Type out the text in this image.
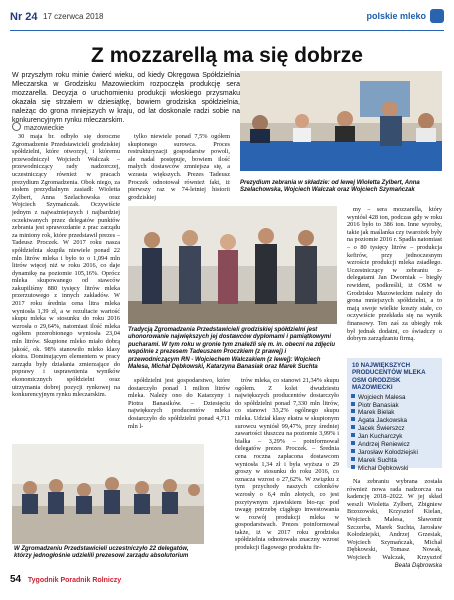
Nr 24 17 czerwca 2018	polskie mleko
Z mozzarellą ma się dobrze
W przyszłym roku minie ćwierć wieku, od kiedy Okręgowa Spółdzielnia Mleczarska w Grodzisku Mazowieckim rozpoczęła produkcję sera mozzarella. Decyzja o uruchomieniu produkcji włoskiego przysmaku okazała się strzałem w dziesiątkę, bowiem grodziska spółdzielnia, należąc do grona mniejszych w kraju, od lat doskonale radzi sobie na konkurencyjnym rynku mleczarskim.
mazowieckie
Prezydium zebrania w składzie: od lewej Wioletta Zylbert, Anna Szelachowska, Wojciech Walczak oraz Wojciech Szymańczak
Tradycją Zgromadzenia Przedstawicieli grodziskiej spółdzielni jest uhonorowanie największych jej dostawców dyplomami i pamiątkowymi pucharami. W tym roku w gronie tym znaleźli się m. in. obecni na zdjęciu wspólnie z prezesem Tadeuszem Proczkiem (z prawej) i przewodniczącym RN - Wojciechem Walczakiem (z lewej): Wojciech Malesa, Michał Dębkowski, Katarzyna Banasiak oraz Marek Suchta
W Zgromadzeniu Przedstawicieli uczestniczyło 22 delegatów, którzy jednogłośnie udzielili prezesowi zarządu absolutorium

30 maja br. odbyło się doroczne Zgromadzenie Przedstawicieli grodziskiej spółdzielni, które otworzył, i któremu przewodniczył Wojciech Walczak – przewodniczący rady nadzorczej, uczestniczący również w pracach prezydium Zgromadzenia. Obok niego, za stołem prezydialnym zasiadł: Wioletta Zylbert, Anna Szelachowska oraz Wojciech Szymańczak. Oczywiście jednym z najważniejszych i najbardziej oczekiwanych przez delegatów punktów zebrania jest sprawozdanie z prac zarządu za miniony rok, które przedstawił prezes – Tadeusz Proczek. W 2017 roku nasza spółdzielnia skupiła niewiele ponad 22 mln litrów mleka i było to o 1,094 mln litrów więcej niż w roku 2016, co daje dynamikę na poziomie 105,16%. Oprócz mleka skupowanego od stawców zakupiliśmy 880 tysięcy litrów mleka przerzutowego z innych zakładów. W 2017 roku średnia cena litra mleka wyniosła 1,39 zł, a w rezultacie wartość skupu mleka w stosunku do roku 2016 wzrosła o 29,64%, natomiast ilość mleka ogółem przerobionego wyniosła 23,04 mln litrów. Skupione mleko miało dobrą jakość, ok. 98% stanowiło mleko klasy ekstra. Dominującym elementem w pracy zarządu były działania zmierzające do poprawy i usprawnienia wyników ekonomicznych spółdzielni oraz utrzymania dobrej pozycji rynkowej na konkurencyjnym rynku mleczarskim.

tylko niewiele ponad 7,5% ogółem skupionego surowca. Proces restrukturyzacji gospodarstw powoli, ale nadal postępuje, bowiem ilość małych dostawców zmniejsza się, a wzrasta większych. Prezes Tadeusz Proczek odnotował również fakt, iż pierwszy raz w 74-letniej historii grodziskiej

spółdzielni jest gospodarstwo, które dostarczyło ponad 1 milion litrów mleka. Należy ono do Katarzyny i Piotra Banasików. – Dziesięciu największych producentów mleka dostarczyło do spółdzielni ponad 4,711 mln l-

trów mleka, co stanowi 21,34% skupu ogółem. Z kolei dwudziestu największych producentów dostarczyło do spółdzielni ponad 7,330 mln litrów, co stanowi 33,2% ogólnego skupu mleka. Udział klasy ekstra w skupionym surowcu wyniósł 99,47%, przy średniej zawartości tłuszczu na poziomie 3,99% i białka – 3,29% – poinformował delegatów prezes Proczek. – Średnia cena roczna zapłacona dostawcom wyniosła 1,34 zł i była wyższa o 29 groszy w stosunku do roku 2016, co oznacza wzrost o 27,62%. W związku z tym przychody naszych członków wzrosły o 6,4 mln złotych, co jest pozytywnym zjawiskiem bio-rąc pod uwagę potrzebę ciągłego inwestowania w rozwój produkcji mleka w gospodarstwach. Prezes poinformował także, iż w 2017 roku grodziska spółdzielnia odnotowała znaczny wzrost produkcji flagowego produktu fir-

my – sera mozzarella, który wyniósł 428 ton, podczas gdy w roku 2016 było to 386 ton. Inne wyroby, takie jak maślanka czy twarożek były na poziomie 2016 r. Spadła natomiast – o 80 tysięcy litrów – produkcja kefirów, przy jednoczesnym wzroście produkcji mleka zsiadłego. Uczestniczący w zebraniu z-delegatami Jan Dworniak – biegły rewident, podkreślił, iż OSM w Grodzisku Mazowieckim należy do grona mniejszych spółdzielni, a to mają swoje wielkie koszty stałe, co oczywiście przekłada się na wynik finansowy. Ten zaś za ubiegły rok był jednak dodatni, co świadczy o dobrym zarządzaniu firmą.

10 NAJWIĘKSZYCH PRODUCENTÓW MLEKA OSM GRODZISK MAZOWIECKI
Wojciech Malesa
Piotr Banasiak
Marek Bielak
Agata Jackowska
Jacek Świerszcz
Jan Kucharczyk
Andrzej Reniewicz
Jarosław Kołodziejski
Marek Suchta
Michał Dębkowski

Na zebraniu wybrana została również nowa rada nadzorcza na kadencję 2018–2022. W jej skład weszli Wioletta Zylbert, Zbigniew Brzozowski, Krzysztof Kielan, Wojciech Malesa, Sławomir Szczerba, Marek Suchta, Jarosław Kołodziejski, Andrzej Grzesiak, Wojciech Szymańczak, Michał Dębkowski, Tomasz Nowak, Wojciech Walczak, Krzysztof

Beata Dąbrowska
54 Tygodnik Poradnik Rolniczy
